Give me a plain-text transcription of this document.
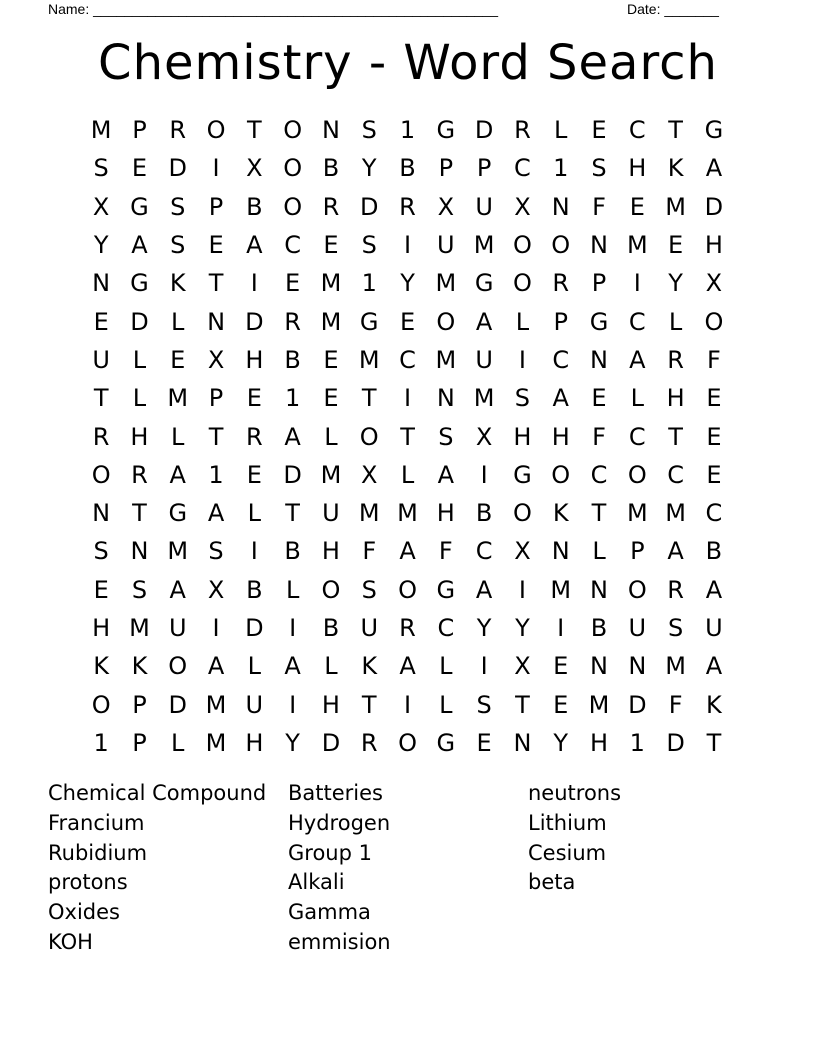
Name: ____________________________________________________	Date: _______
Chemistry - Word Search
M P R O T O N S 1 G D R L	E C T G
S E D	I	X O B Y B P P C 1 S H K A
X G S P B O R D R X U X N F E M D
Y A S E A C E S	I	U M O O N M E H
N G K T	I	E M 1 Y M G O R P	I	Y X
E D L N D R M G E O A L	P G C L O
U L	E X H B E M C M U	I	C N A R F
T	L M P E 1 E T	I	N M S A E	L H E
R H L	T R A L O T S X H H F C T E
O R A 1 E D M X L A	I	G O C O C E
N T G A L	T U M M H B O K T M M C
S N M S	I	B H F A F C X N L	P A B
E S A X B L O S O G A	I	M N O R A
H M U	I	D	I	B U R C Y Y	I	B U S U
K K O A L A L K A L	I	X E N N M A
O P D M U	I	H T	I	L	S T E M D F K
1 P	L M H Y D R O G E N Y H 1 D T
Chemical Compound
Francium
Rubidium
protons
Oxides
KOH
Batteries
Hydrogen
Group 1
Alkali
Gamma
emmision
neutrons
Lithium
Cesium
beta
